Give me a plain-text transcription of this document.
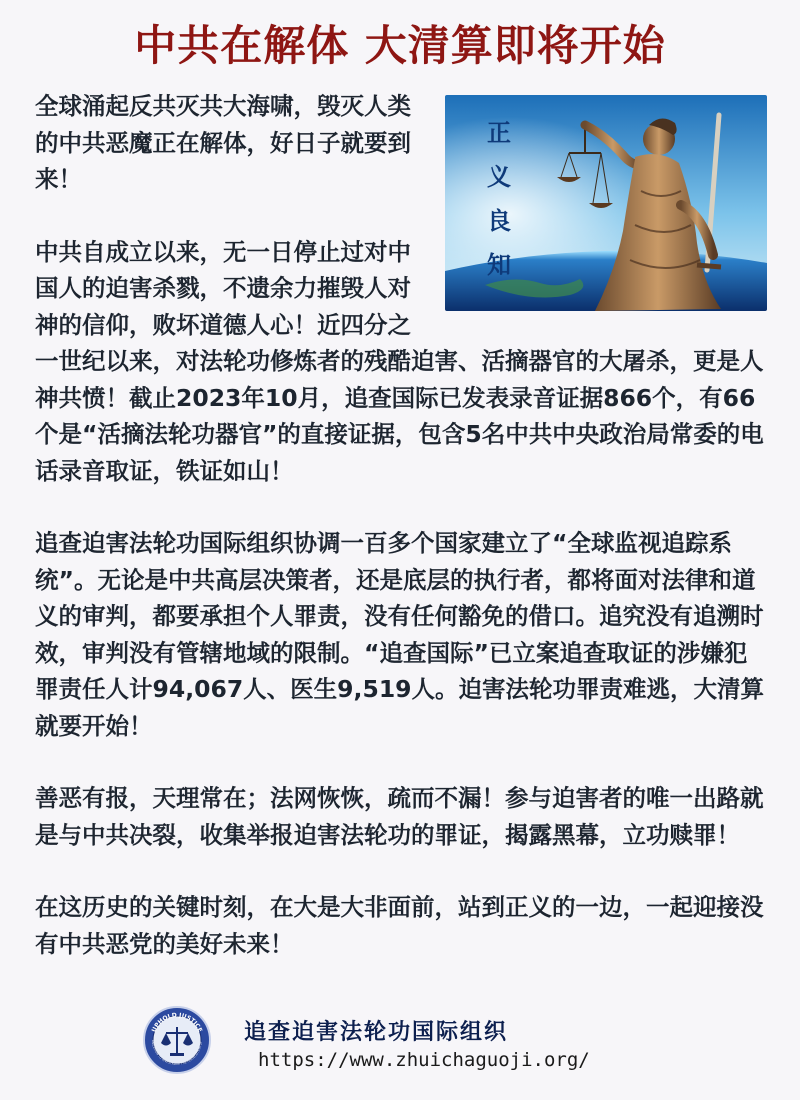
中共在解体 大清算即将开始
正
义
良
知

全球涌起反共灭共大海啸，毁灭人类的中共恶魔正在解体，好日子就要到来！

中共自成立以来，无一日停止过对中国人的迫害杀戮，不遗余力摧毁人对神的信仰，败坏道德人心！近四分之一世纪以来，对法轮功修炼者的残酷迫害、活摘器官的大屠杀，更是人神共愤！截止2023年10月，追查国际已发表录音证据866个，有66个是“活摘法轮功器官”的直接证据，包含5名中共中央政治局常委的电话录音取证，铁证如山！

追查迫害法轮功国际组织协调一百多个国家建立了“全球监视追踪系统”。无论是中共高层决策者，还是底层的执行者，都将面对法律和道义的审判，都要承担个人罪责，没有任何豁免的借口。追究没有追溯时效，审判没有管辖地域的限制。“追查国际”已立案追查取证的涉嫌犯罪责任人计94,067人、医生9,519人。迫害法轮功罪责难逃，大清算就要开始！

善恶有报，天理常在；法网恢恢，疏而不漏！参与迫害者的唯一出路就是与中共决裂，收集举报迫害法轮功的罪证，揭露黑幕，立功赎罪！

在这历史的关键时刻，在大是大非面前，站到正义的一边，一起迎接没有中共恶党的美好未来！

UPHOLD JUSTICE
ANIZATION TO INVESTIGATE THE PERSECUTION OF 追查迫害法轮功国际组织
https://www.zhuichaguoji.org/
